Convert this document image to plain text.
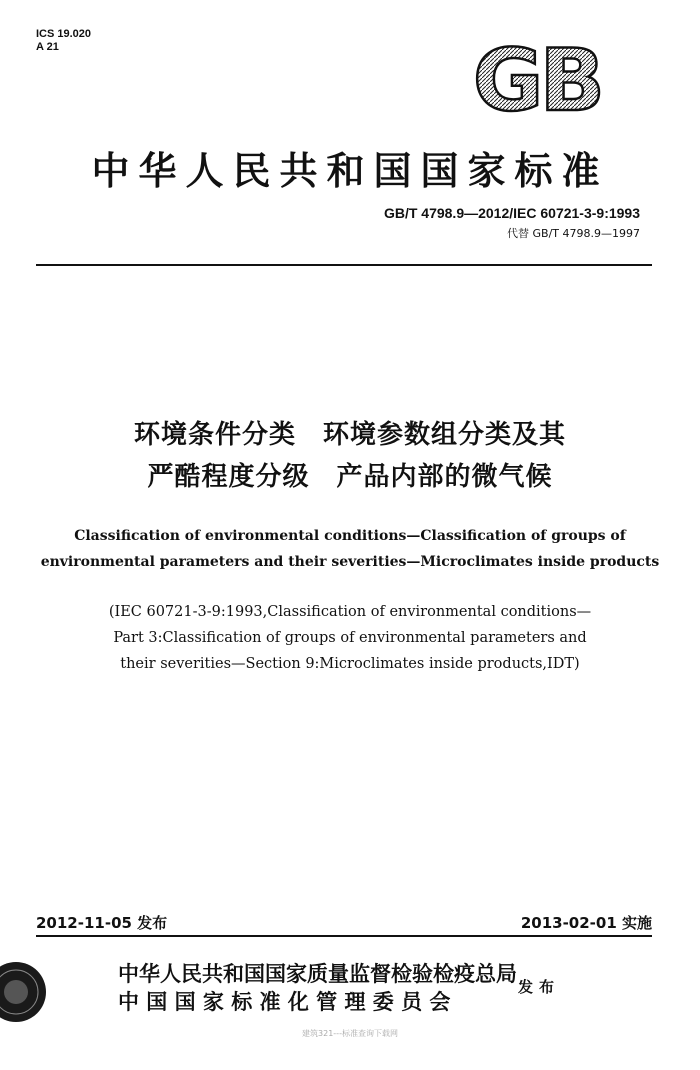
ICS 19.020
A 21	GB
中华人民共和国国家标准
GB/T 4798.9—2012/IEC 60721-3-9:1993
代替 GB/T 4798.9—1997
环境条件分类　环境参数组分类及其
严酷程度分级　产品内部的微气候
Classification of environmental conditions—Classification of groups of
environmental parameters and their severities—Microclimates inside products
(IEC 60721-3-9:1993,Classification of environmental conditions—
Part 3:Classification of groups of environmental parameters and
their severities—Section 9:Microclimates inside products,IDT)
2012-11-05 发布	2013-02-01 实施
中华人民共和国国家质量监督检验检疫总局
中 国 国 家 标 准 化 管 理 委 员 会
发布
建筑321---标准查询下载网
